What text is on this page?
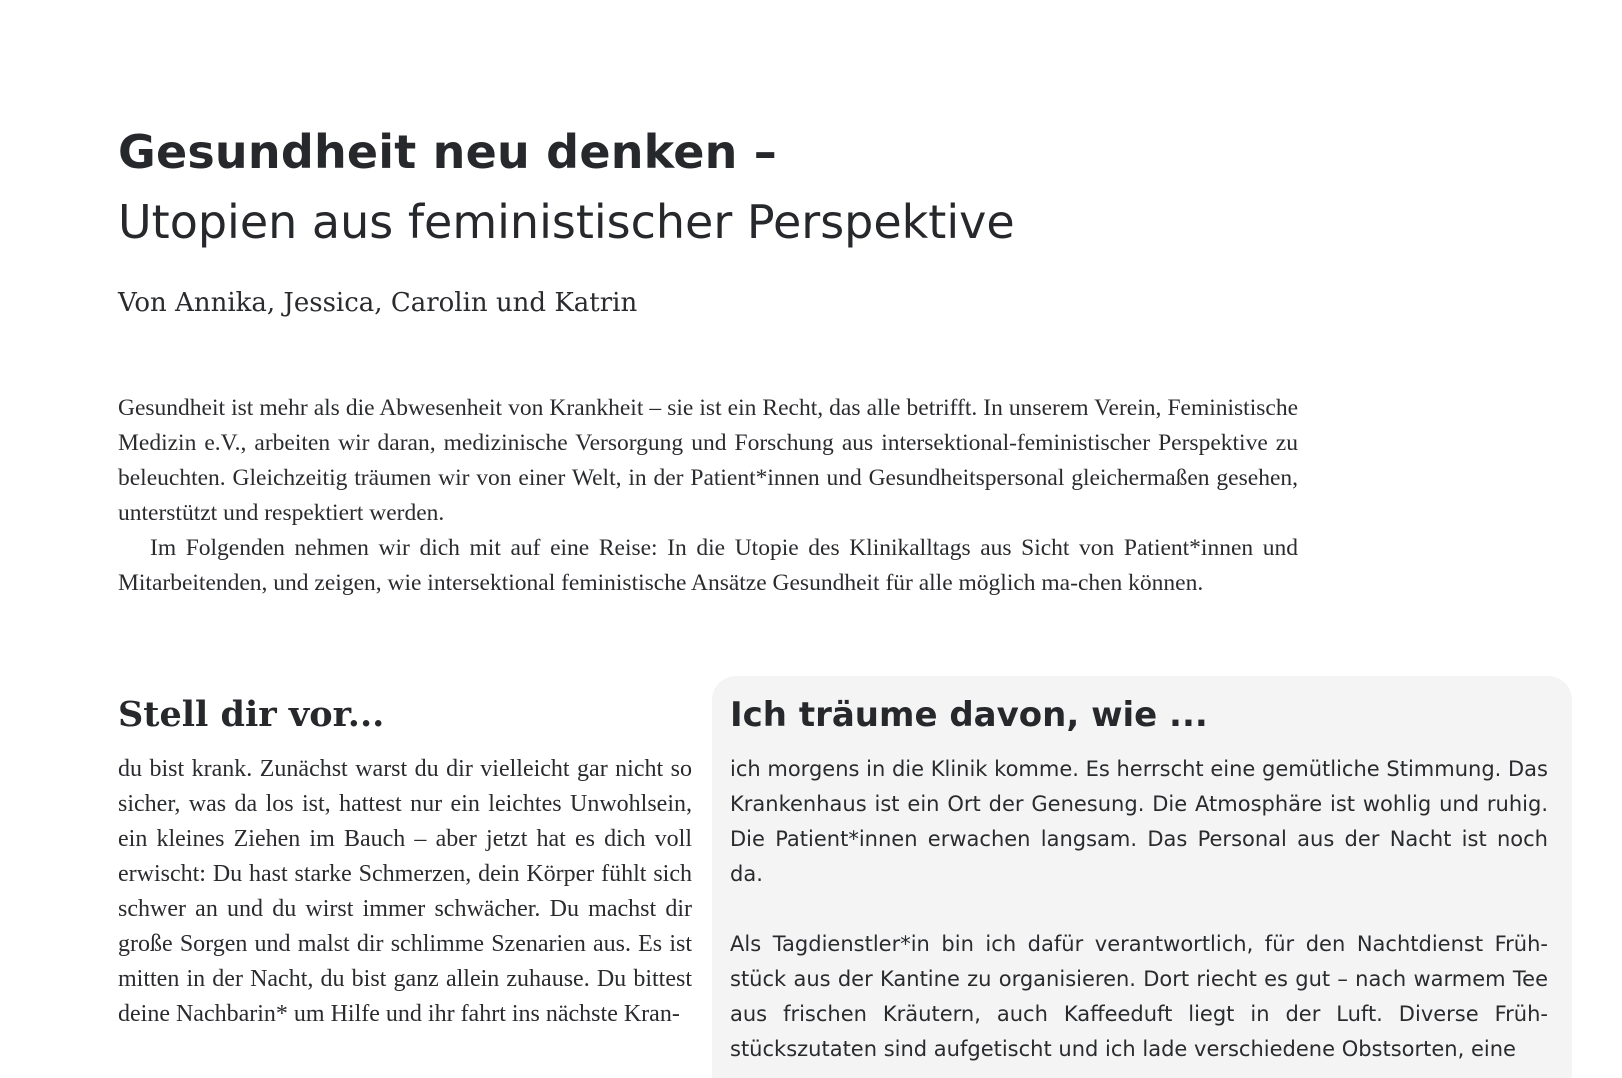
Gesundheit neu denken –
Utopien aus feministischer Perspektive
Von Annika, Jessica, Carolin und Katrin

Gesundheit ist mehr als die Abwesenheit von Krankheit – sie ist ein Recht, das alle betrifft. In unserem Verein, Feministische Medizin e.V., arbeiten wir daran, medizinische Versorgung und Forschung aus intersektional-feministischer Perspektive zu beleuchten. Gleichzeitig träumen wir von einer Welt, in der Patient*innen und Gesundheitspersonal gleichermaßen gesehen, unterstützt und respektiert werden.

Im Folgenden nehmen wir dich mit auf eine Reise: In die Utopie des Klinikalltags aus Sicht von Patient*innen und Mitarbeitenden, und zeigen, wie intersektional feministische Ansätze Gesundheit für alle möglich ma-chen können.

Stell dir vor...

du bist krank. Zunächst warst du dir vielleicht gar nicht so sicher, was da los ist, hattest nur ein leichtes Unwohlsein, ein kleines Ziehen im Bauch – aber jetzt hat es dich voll erwischt: Du hast starke Schmerzen, dein Körper fühlt sich schwer an und du wirst immer schwächer. Du machst dir große Sorgen und malst dir schlimme Szenarien aus. Es ist mitten in der Nacht, du bist ganz allein zuhause. Du bittest deine Nachbarin* um Hilfe und ihr fahrt ins nächste Kran-

Ich träume davon, wie ...

ich morgens in die Klinik komme. Es herrscht eine gemütliche Stimmung. Das Krankenhaus ist ein Ort der Genesung. Die Atmosphäre ist wohlig und ruhig. Die Patient*innen erwachen langsam. Das Personal aus der Nacht ist noch da.

Als Tagdienstler*in bin ich dafür verantwortlich, für den Nachtdienst Früh-stück aus der Kantine zu organisieren. Dort riecht es gut – nach warmem Tee aus frischen Kräutern, auch Kaffeeduft liegt in der Luft. Diverse Früh-stückszutaten sind aufgetischt und ich lade verschiedene Obstsorten, eine
